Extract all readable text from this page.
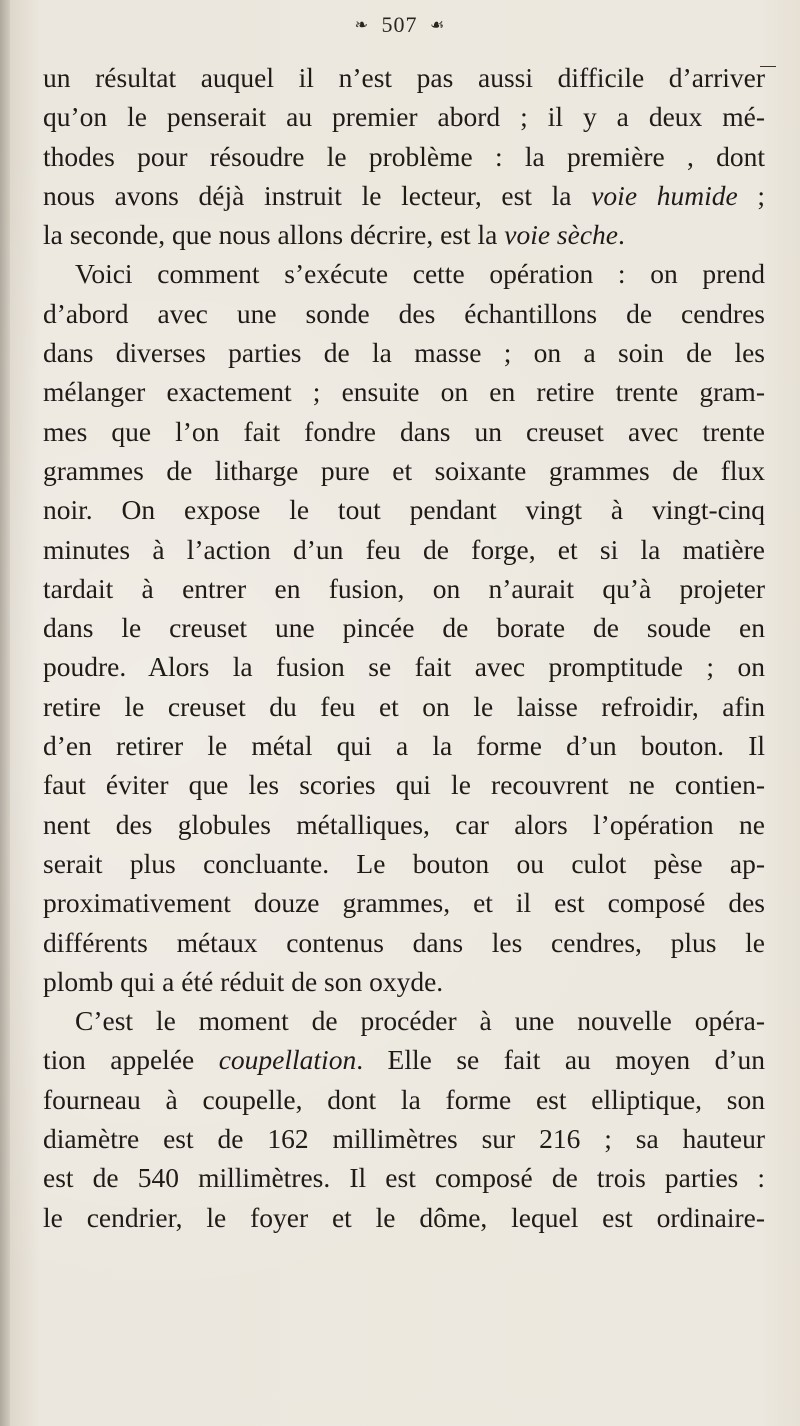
❧ 507 ☙
un résultat auquel il n’est pas aussi difficile d’arriver
qu’on le penserait au premier abord ; il y a deux mé-
thodes pour résoudre le problème : la première , dont
nous avons déjà instruit le lecteur, est la voie humide ;
la seconde, que nous allons décrire, est la voie sèche.
Voici comment s’exécute cette opération : on prend
d’abord avec une sonde des échantillons de cendres
dans diverses parties de la masse ; on a soin de les
mélanger exactement ; ensuite on en retire trente gram-
mes que l’on fait fondre dans un creuset avec trente
grammes de litharge pure et soixante grammes de flux
noir. On expose le tout pendant vingt à vingt-cinq
minutes à l’action d’un feu de forge, et si la matière
tardait à entrer en fusion, on n’aurait qu’à projeter
dans le creuset une pincée de borate de soude en
poudre. Alors la fusion se fait avec promptitude ; on
retire le creuset du feu et on le laisse refroidir, afin
d’en retirer le métal qui a la forme d’un bouton. Il
faut éviter que les scories qui le recouvrent ne contien-
nent des globules métalliques, car alors l’opération ne
serait plus concluante. Le bouton ou culot pèse ap-
proximativement douze grammes, et il est composé des
différents métaux contenus dans les cendres, plus le
plomb qui a été réduit de son oxyde.
C’est le moment de procéder à une nouvelle opéra-
tion appelée coupellation. Elle se fait au moyen d’un
fourneau à coupelle, dont la forme est elliptique, son
diamètre est de 162 millimètres sur 216 ; sa hauteur
est de 540 millimètres. Il est composé de trois parties :
le cendrier, le foyer et le dôme, lequel est ordinaire-
